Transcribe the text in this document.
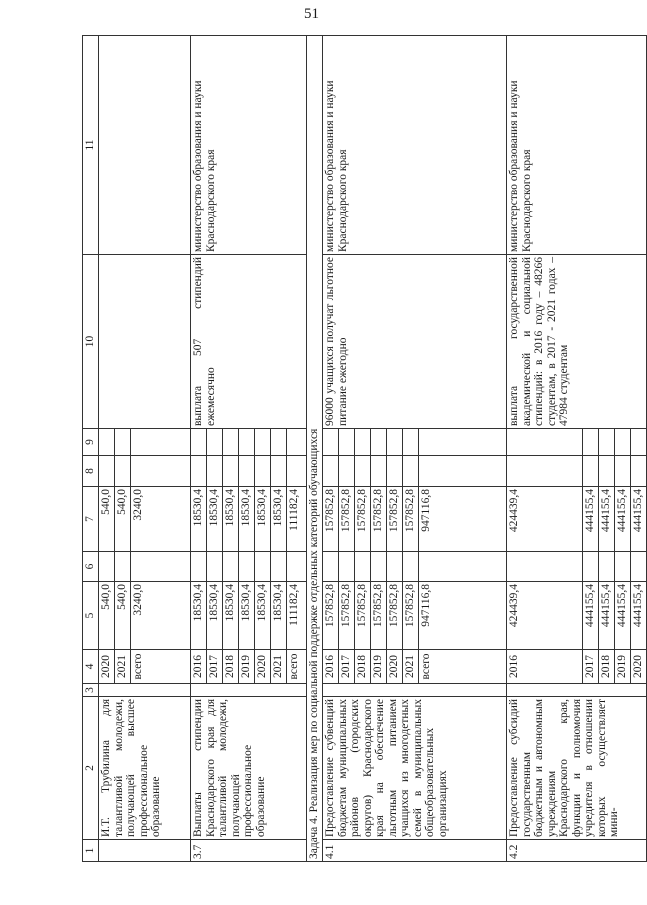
51
1	2	3	4	5	6	7	8	9	10	11
	И.Т. Трубилина для талантливой молодежи, получающей высшее профессиональное образование		2020	540,0		540,0				
			2021	540,0		540,0				
			всего	3240,0		3240,0				
3.7	Выплаты стипендии Краснодарского края для талантливой молодежи, получающей профессиональное образование		2016	18530,4		18530,4			выплата 507 стипендий ежемесячно	министерство образования и науки Краснодарского края
			2017	18530,4		18530,4				
			2018	18530,4		18530,4				
			2019	18530,4		18530,4				
			2020	18530,4		18530,4				
			2021	18530,4		18530,4				
			всего	111182,4		111182,4				
Задача 4. Реализация мер по социальной поддержке отдельных категорий обучающихся										
4.1	Предоставление субвенций бюджетам муниципальных районов (городских округов) Краснодарского края на обеспечение льготным питанием учащихся из многодетных семей в муниципальных общеобразовательных организациях		2016	157852,8		157852,8			96000 учащихся получат льготное питание ежегодно	министерство образования и науки Краснодарского края
			2017	157852,8		157852,8				
			2018	157852,8		157852,8				
			2019	157852,8		157852,8				
			2020	157852,8		157852,8				
			2021	157852,8		157852,8				
			всего	947116,8		947116,8				
4.2	Предоставление субсидий государственным бюджетным и автономным учреждениям Краснодарского края, функции и полномочия учредителя в отношении которых осуществляет мини-		2016	424439,4		424439,4			выплата государственной академической и социальной стипендий: в 2016 году – 48266 студентам, в 2017 - 2021 годах – 47984 студентам	министерство образования и науки Краснодарского края
			2017	444155,4		444155,4				
			2018	444155,4		444155,4				
			2019	444155,4		444155,4				
			2020	444155,4		444155,4				
